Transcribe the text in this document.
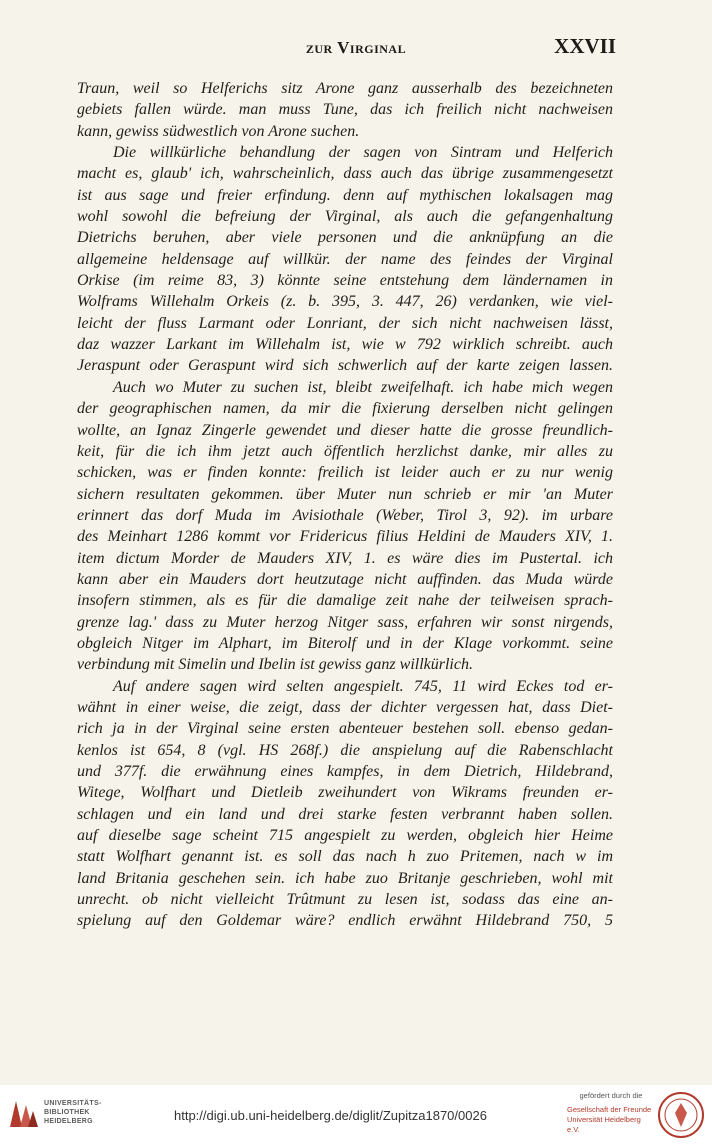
zur Virginal	XXVII
Traun, weil so Helferichs sitz Arone ganz ausserhalb des bezeichneten
gebiets fallen würde. man muss Tune, das ich freilich nicht nachweisen
kann, gewiss südwestlich von Arone suchen.
Die willkürliche behandlung der sagen von Sintram und Helferich
macht es, glaub' ich, wahrscheinlich, dass auch das übrige zusammengesetzt
ist aus sage und freier erfindung. denn auf mythischen lokalsagen mag
wohl sowohl die befreiung der Virginal, als auch die gefangenhaltung
Dietrichs beruhen, aber viele personen und die anknüpfung an die
allgemeine heldensage auf willkür. der name des feindes der Virginal
Orkise (im reime 83, 3) könnte seine entstehung dem ländernamen in
Wolframs Willehalm Orkeis (z. b. 395, 3. 447, 26) verdanken, wie viel-
leicht der fluss Larmant oder Lonriant, der sich nicht nachweisen lässt,
daz wazzer Larkant im Willehalm ist, wie w 792 wirklich schreibt. auch
Jeraspunt oder Geraspunt wird sich schwerlich auf der karte zeigen lassen.
Auch wo Muter zu suchen ist, bleibt zweifelhaft. ich habe mich wegen
der geographischen namen, da mir die fixierung derselben nicht gelingen
wollte, an Ignaz Zingerle gewendet und dieser hatte die grosse freundlich-
keit, für die ich ihm jetzt auch öffentlich herzlichst danke, mir alles zu
schicken, was er finden konnte: freilich ist leider auch er zu nur wenig
sichern resultaten gekommen. über Muter nun schrieb er mir 'an Muter
erinnert das dorf Muda im Avisiothale (Weber, Tirol 3, 92). im urbare
des Meinhart 1286 kommt vor Fridericus filius Heldini de Mauders XIV, 1.
item dictum Morder de Mauders XIV, 1. es wäre dies im Pustertal. ich
kann aber ein Mauders dort heutzutage nicht auffinden. das Muda würde
insofern stimmen, als es für die damalige zeit nahe der teilweisen sprach-
grenze lag.' dass zu Muter herzog Nitger sass, erfahren wir sonst nirgends,
obgleich Nitger im Alphart, im Biterolf und in der Klage vorkommt. seine
verbindung mit Simelin und Ibelin ist gewiss ganz willkürlich.
Auf andere sagen wird selten angespielt. 745, 11 wird Eckes tod er-
wähnt in einer weise, die zeigt, dass der dichter vergessen hat, dass Diet-
rich ja in der Virginal seine ersten abenteuer bestehen soll. ebenso gedan-
kenlos ist 654, 8 (vgl. HS 268f.) die anspielung auf die Rabenschlacht
und 377f. die erwähnung eines kampfes, in dem Dietrich, Hildebrand,
Witege, Wolfhart und Dietleib zweihundert von Wikrams freunden er-
schlagen und ein land und drei starke festen verbrannt haben sollen.
auf dieselbe sage scheint 715 angespielt zu werden, obgleich hier Heime
statt Wolfhart genannt ist. es soll das nach h zuo Pritemen, nach w im
land Britania geschehen sein. ich habe zuo Britanje geschrieben, wohl mit
unrecht. ob nicht vielleicht Trûtmunt zu lesen ist, sodass das eine an-
spielung auf den Goldemar wäre? endlich erwähnt Hildebrand 750, 5
UNIVERSITÄTS-
BIBLIOTHEK
HEIDELBERG	http://digi.ub.uni-heidelberg.de/diglit/Zupitza1870/0026
gefördert durch die
Gesellschaft der Freunde
Universität Heidelberg e.V.
